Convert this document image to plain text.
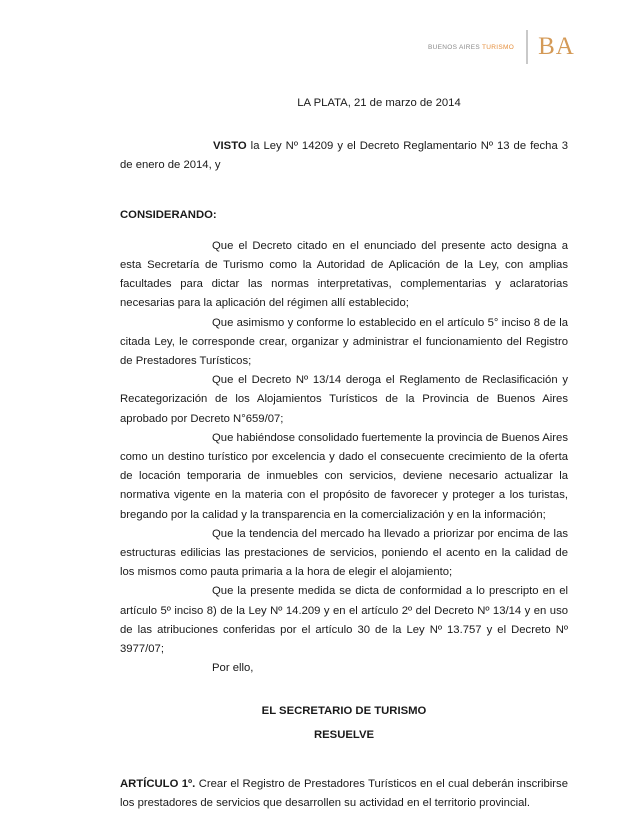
BUENOS AIRES TURISMO BA

LA PLATA, 21 de marzo de 2014

VISTO la Ley Nº 14209 y el Decreto Reglamentario Nº 13 de fecha 3 de enero de 2014, y

CONSIDERANDO:

Que el Decreto citado en el enunciado del presente acto designa a esta Secretaría de Turismo como la Autoridad de Aplicación de la Ley, con amplias facultades para dictar las normas interpretativas, complementarias y aclaratorias necesarias para la aplicación del régimen allí establecido;

Que asimismo y conforme lo establecido en el artículo 5° inciso 8 de la citada Ley, le corresponde crear, organizar y administrar el funcionamiento del Registro de Prestadores Turísticos;

Que el Decreto Nº 13/14 deroga el Reglamento de Reclasificación y Recategorización de los Alojamientos Turísticos de la Provincia de Buenos Aires aprobado por Decreto N°659/07;

Que habiéndose consolidado fuertemente la provincia de Buenos Aires como un destino turístico por excelencia y dado el consecuente crecimiento de la oferta de locación temporaria de inmuebles con servicios, deviene necesario actualizar la normativa vigente en la materia con el propósito de favorecer y proteger a los turistas, bregando por la calidad y la transparencia en la comercialización y en la información;

Que la tendencia del mercado ha llevado a priorizar por encima de las estructuras edilicias las prestaciones de servicios, poniendo el acento en la calidad de los mismos como pauta primaria a la hora de elegir el alojamiento;

Que la presente medida se dicta de conformidad a lo prescripto en el artículo 5º inciso 8) de la Ley Nº 14.209 y en el artículo 2º del Decreto Nº 13/14 y en uso de las atribuciones conferidas por el artículo 30 de la Ley Nº 13.757 y el Decreto Nº 3977/07;

Por ello,

EL SECRETARIO DE TURISMO

RESUELVE

ARTÍCULO 1º. Crear el Registro de Prestadores Turísticos en el cual deberán inscribirse los prestadores de servicios que desarrollen su actividad en el territorio provincial.
